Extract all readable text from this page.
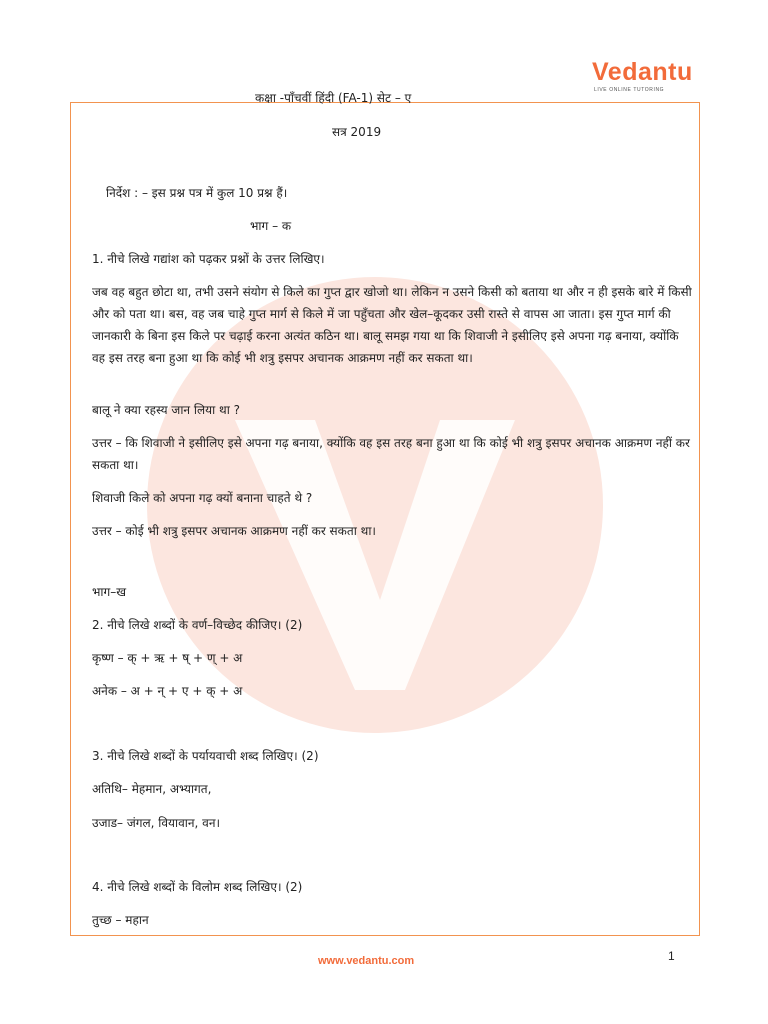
Vedantu
LIVE ONLINE TUTORING
कक्षा -पाँचवीं हिंदी (FA-1) सेट – ए
सत्र 2019
निर्देश : – इस प्रश्न पत्र में कुल 10 प्रश्न हैं।
भाग – क
1. नीचे लिखे गद्यांश को पढ़कर प्रश्नों के उत्तर लिखिए।
जब वह बहुत छोटा था, तभी उसने संयोग से किले का गुप्त द्वार खोजो था। लेकिन न उसने किसी को बताया था और न ही इसके बारे में किसी और को पता था। बस, वह जब चाहे गुप्त मार्ग से किले में जा पहुँचता और खेल–कूदकर उसी रास्ते से वापस आ जाता। इस गुप्त मार्ग की जानकारी के बिना इस किले पर चढ़ाई करना अत्यंत कठिन था। बालू समझ गया था कि शिवाजी ने इसीलिए इसे अपना गढ़ बनाया, क्योंकि वह इस तरह बना हुआ था कि कोई भी शत्रु इसपर अचानक आक्रमण नहीं कर सकता था।
बालू ने क्या रहस्य जान लिया था ?
उत्तर – कि शिवाजी ने इसीलिए इसे अपना गढ़ बनाया, क्योंकि वह इस तरह बना हुआ था कि कोई भी शत्रु इसपर अचानक आक्रमण नहीं कर सकता था।
शिवाजी किले को अपना गढ़ क्यों बनाना चाहते थे ?
उत्तर – कोई भी शत्रु इसपर अचानक आक्रमण नहीं कर सकता था।
भाग–ख
2. नीचे लिखे शब्दों के वर्ण–विच्छेद कीजिए। (2)
कृष्ण – क् + ऋ + ष् + ण् + अ
अनेक – अ + न् + ए + क् + अ
3. नीचे लिखे शब्दों के पर्यायवाची शब्द लिखिए। (2)
अतिथि– मेहमान, अभ्यागत,
उजाड– जंगल, वियावान, वन।
4. नीचे लिखे शब्दों के विलोम शब्द लिखिए। (2)
तुच्छ – महान
www.vedantu.com	1
